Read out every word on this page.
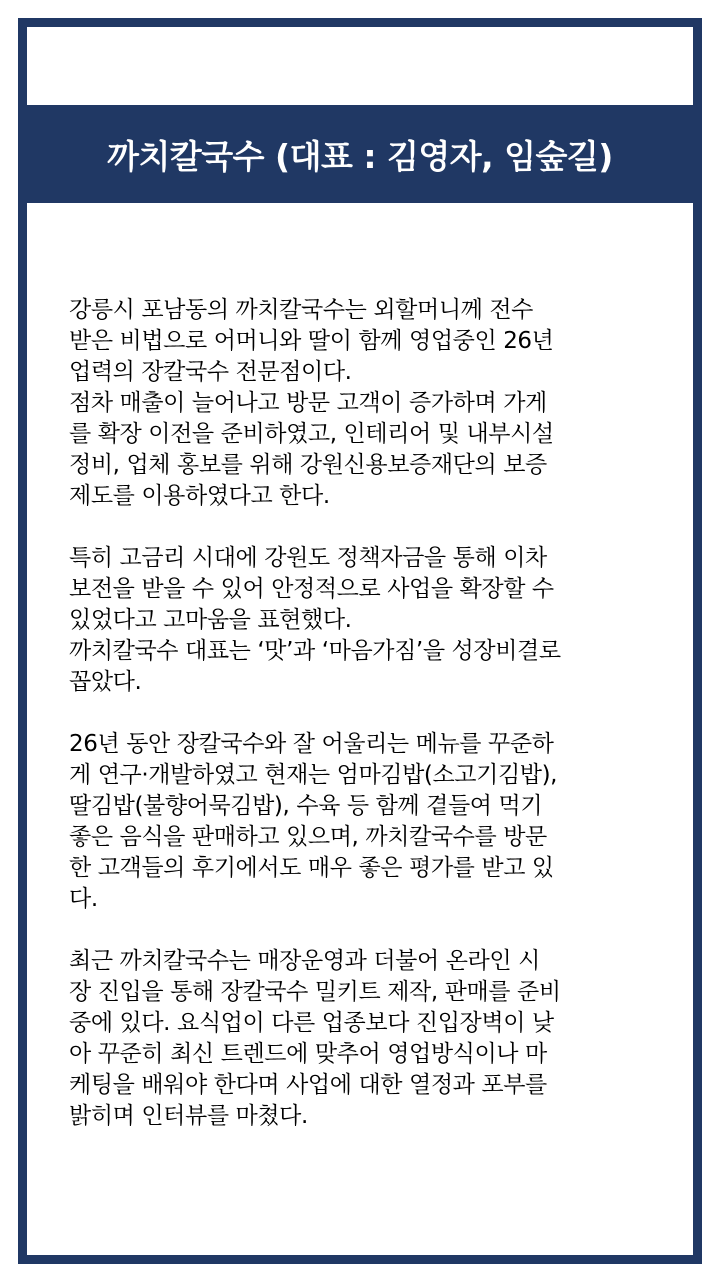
까치칼국수 (대표 : 김영자, 임숲길)

강릉시 포남동의 까치칼국수는 외할머니께 전수

받은 비법으로 어머니와 딸이 함께 영업중인 26년

업력의 장칼국수 전문점이다.

점차 매출이 늘어나고 방문 고객이 증가하며 가게

를 확장 이전을 준비하였고, 인테리어 및 내부시설

정비, 업체 홍보를 위해 강원신용보증재단의 보증

제도를 이용하였다고 한다.

특히 고금리 시대에 강원도 정책자금을 통해 이차

보전을 받을 수 있어 안정적으로 사업을 확장할 수

있었다고 고마움을 표현했다.

까치칼국수 대표는 ‘맛’과 ‘마음가짐’을 성장비결로

꼽았다.

26년 동안 장칼국수와 잘 어울리는 메뉴를 꾸준하

게 연구·개발하였고 현재는 엄마김밥(소고기김밥),

딸김밥(불향어묵김밥), 수육 등 함께 곁들여 먹기

좋은 음식을 판매하고 있으며, 까치칼국수를 방문

한 고객들의 후기에서도 매우 좋은 평가를 받고 있

다.

최근 까치칼국수는 매장운영과 더불어 온라인 시

장 진입을 통해 장칼국수 밀키트 제작, 판매를 준비

중에 있다. 요식업이 다른 업종보다 진입장벽이 낮

아 꾸준히 최신 트렌드에 맞추어 영업방식이나 마

케팅을 배워야 한다며 사업에 대한 열정과 포부를

밝히며 인터뷰를 마쳤다.
